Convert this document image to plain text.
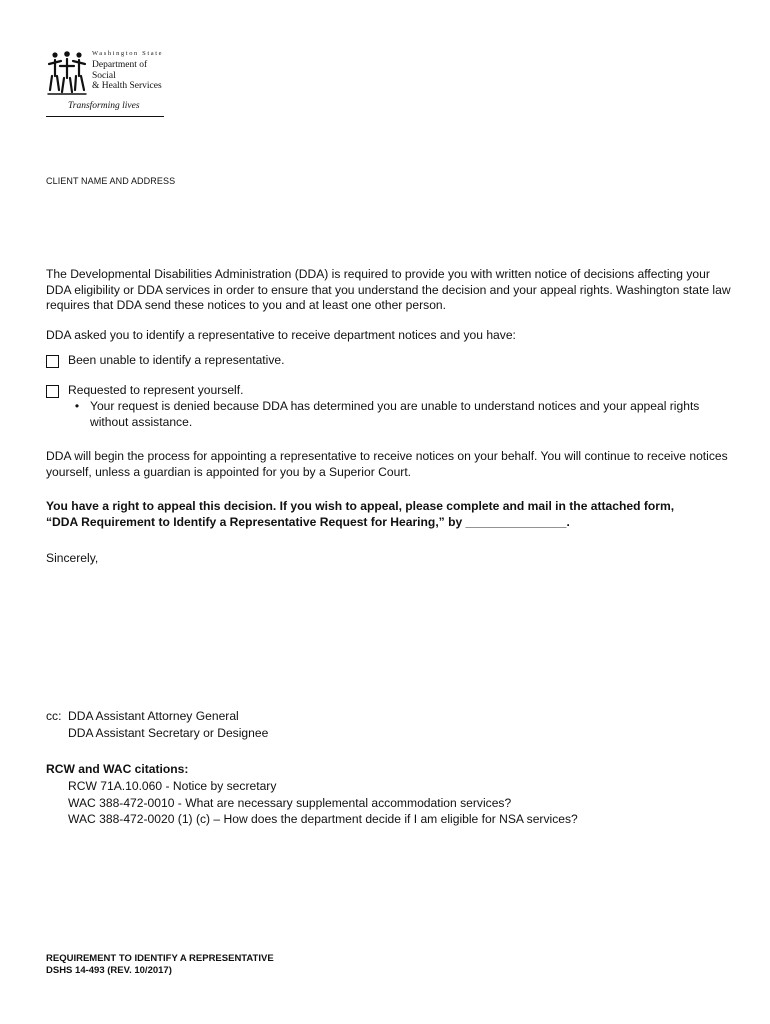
Washington State
Department of Social
& Health Services
Transforming lives
CLIENT NAME AND ADDRESS
The Developmental Disabilities Administration (DDA) is required to provide you with written notice of decisions affecting your DDA eligibility or DDA services in order to ensure that you understand the decision and your appeal rights. Washington state law requires that DDA send these notices to you and at least one other person.
DDA asked you to identify a representative to receive department notices and you have:
Been unable to identify a representative.
Requested to represent yourself.
• Your request is denied because DDA has determined you are unable to understand notices and your appeal rights without assistance.
DDA will begin the process for appointing a representative to receive notices on your behalf. You will continue to receive notices yourself, unless a guardian is appointed for you by a Superior Court.
You have a right to appeal this decision. If you wish to appeal, please complete and mail in the attached form,
“DDA Requirement to Identify a Representative Request for Hearing,” by _______________.
Sincerely,
cc: DDA Assistant Attorney General
DDA Assistant Secretary or Designee
RCW and WAC citations:
RCW 71A.10.060 - Notice by secretary
WAC 388-472-0010 - What are necessary supplemental accommodation services?
WAC 388-472-0020 (1) (c) – How does the department decide if I am eligible for NSA services?
REQUIREMENT TO IDENTIFY A REPRESENTATIVE
DSHS 14-493 (REV. 10/2017)
